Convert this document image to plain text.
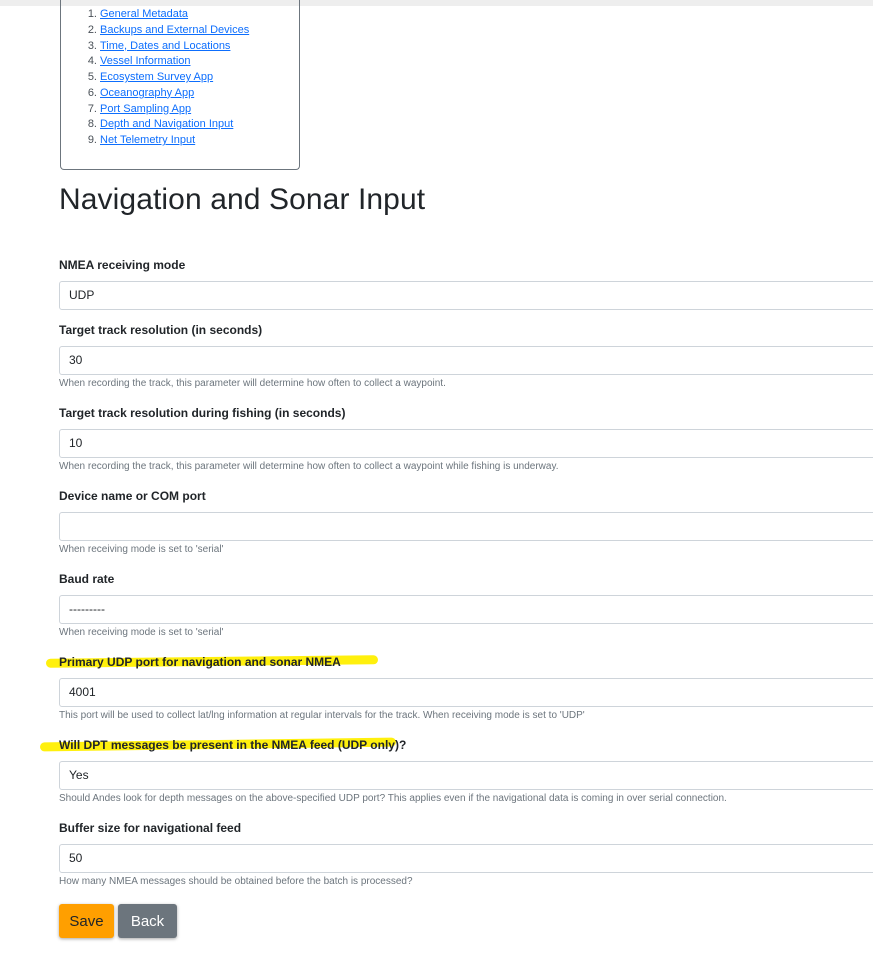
1. General Metadata
2. Backups and External Devices
3. Time, Dates and Locations
4. Vessel Information
5. Ecosystem Survey App
6. Oceanography App
7. Port Sampling App
8. Depth and Navigation Input
9. Net Telemetry Input
Navigation and Sonar Input
NMEA receiving mode
UDP
Target track resolution (in seconds)
30
When recording the track, this parameter will determine how often to collect a waypoint.
Target track resolution during fishing (in seconds)
10
When recording the track, this parameter will determine how often to collect a waypoint while fishing is underway.
Device name or COM port
When receiving mode is set to 'serial'
Baud rate
---------
When receiving mode is set to 'serial'
Primary UDP port for navigation and sonar NMEA
4001
This port will be used to collect lat/lng information at regular intervals for the track. When receiving mode is set to 'UDP'
Will DPT messages be present in the NMEA feed (UDP only)?
Yes
Should Andes look for depth messages on the above-specified UDP port? This applies even if the navigational data is coming in over serial connection.
Buffer size for navigational feed
50
How many NMEA messages should be obtained before the batch is processed?
Save	Back
